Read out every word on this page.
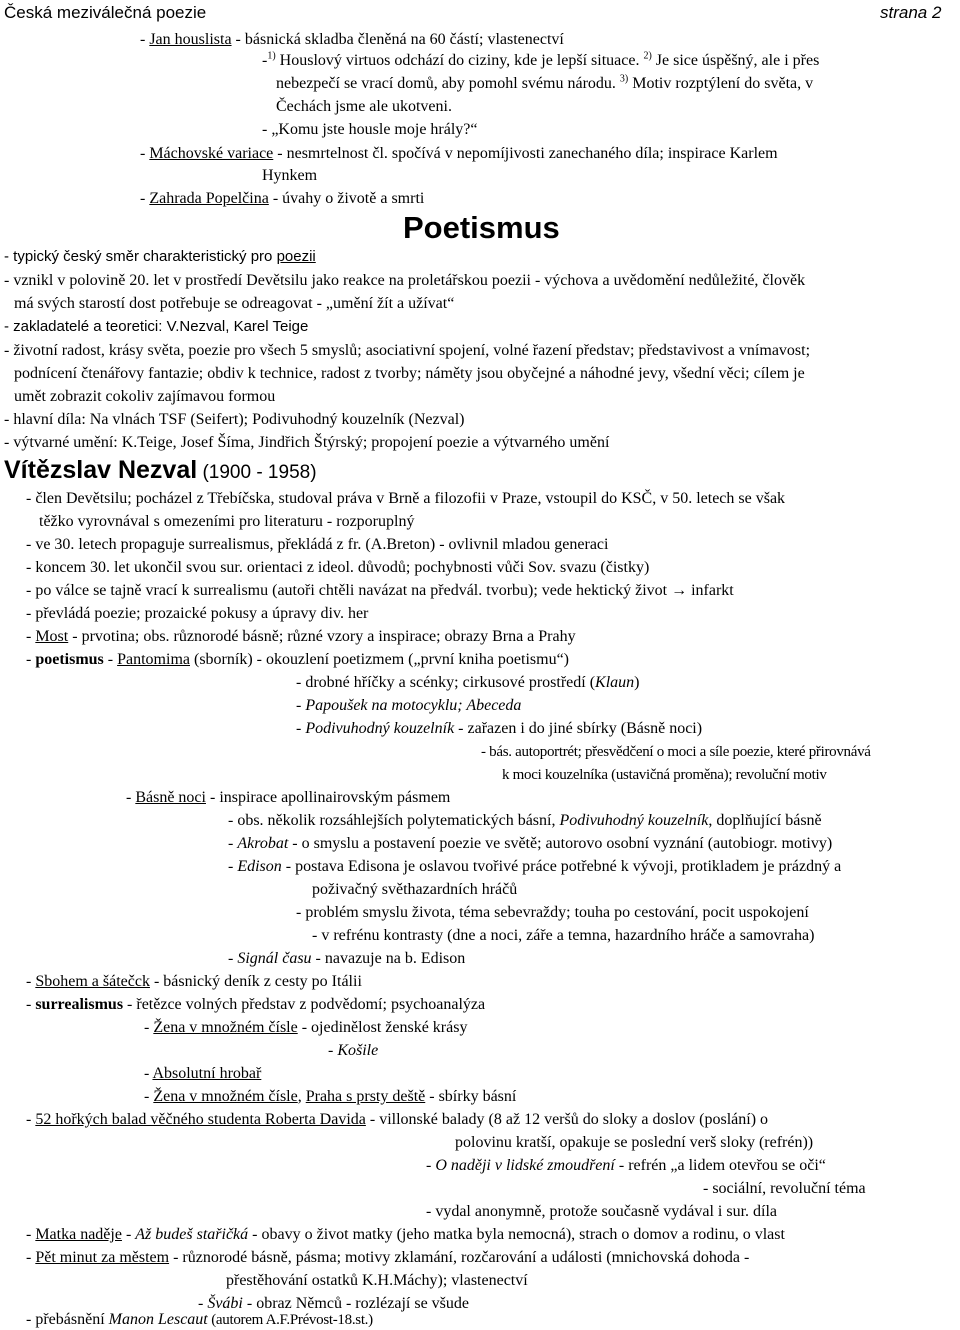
Česká meziválečná poezie	strana 2
- Jan houslista - básnická skladba členěná na 60 částí; vlastenectví
-$^{1)}$ Houslový virtuos odchází do ciziny, kde je lepší situace. $^{2)}$ Je sice úspěšný, ale i přes
nebezpečí se vrací domů, aby pomohl svému národu. $^{3)}$ Motiv rozptýlení do světa, v
Čechách jsme ale ukotveni.
- „Komu jste housle moje hrály?“
- Máchovské variace - nesmrtelnost čl. spočívá v nepomíjivosti zanechaného díla; inspirace Karlem
Hynkem
- Zahrada Popelčina - úvahy o životě a smrti
Poetismus
- typický český směr charakteristický pro poezii
- vznikl v polovině 20. let v prostředí Devětsilu jako reakce na proletářskou poezii - výchova a uvědomění nedůležité, člověk
má svých starostí dost potřebuje se odreagovat - „umění žít a užívat“
- zakladatelé a teoretici: V.Nezval, Karel Teige
- životní radost, krásy světa, poezie pro všech 5 smyslů; asociativní spojení, volné řazení představ; představivost a vnímavost;
podnícení čtenářovy fantazie; obdiv k technice, radost z tvorby; náměty jsou obyčejné a náhodné jevy, všední věci; cílem je
umět zobrazit cokoliv zajímavou formou
- hlavní díla: Na vlnách TSF (Seifert); Podivuhodný kouzelník (Nezval)
- výtvarné umění: K.Teige, Josef Šíma, Jindřich Štýrský; propojení poezie a výtvarného umění
Vítězslav Nezval (1900 - 1958)
- člen Devětsilu; pocházel z Třebíčska, studoval práva v Brně a filozofii v Praze, vstoupil do KSČ, v 50. letech se však
těžko vyrovnával s omezeními pro literaturu - rozporuplný
- ve 30. letech propaguje surrealismus, překládá z fr. (A.Breton) - ovlivnil mladou generaci
- koncem 30. let ukončil svou sur. orientaci z ideol. důvodů; pochybnosti vůči Sov. svazu (čistky)
- po válce se tajně vrací k surrealismu (autoři chtěli navázat na předvál. tvorbu); vede hektický život → infarkt
- převládá poezie; prozaické pokusy a úpravy div. her
- Most - prvotina; obs. různorodé básně; různé vzory a inspirace; obrazy Brna a Prahy
- poetismus - Pantomima (sborník) - okouzlení poetizmem („první kniha poetismu“)
- drobné hříčky a scénky; cirkusové prostředí (Klaun)
- Papoušek na motocyklu; Abeceda
- Podivuhodný kouzelník - zařazen i do jiné sbírky (Básně noci)
- bás. autoportrét; přesvědčení o moci a síle poezie, které přirovnává
k moci kouzelníka (ustavičná proměna); revoluční motiv
- Básně noci - inspirace apollinairovským pásmem
- obs. několik rozsáhlejších polytematických básní, Podivuhodný kouzelník, doplňující básně
- Akrobat - o smyslu a postavení poezie ve světě; autorovo osobní vyznání (autobiogr. motivy)
- Edison - postava Edisona je oslavou tvořivé práce potřebné k vývoji, protikladem je prázdný a
poživačný světhazardních hráčů
- problém smyslu života, téma sebevraždy; touha po cestování, pocit uspokojení
- v refrénu kontrasty (dne a noci, záře a temna, hazardního hráče a samovraha)
- Signál času - navazuje na b. Edison
- Sbohem a šátečck - básnický deník z cesty po Itálii
- surrealismus - řetězce volných představ z podvědomí; psychoanalýza
- Žena v množném čísle - ojedinělost ženské krásy
- Košile
- Absolutní hrobař
- Žena v množném čísle, Praha s prsty deště - sbírky básní
- 52 hořkých balad věčného studenta Roberta Davida - villonské balady (8 až 12 veršů do sloky a doslov (poslání) o
polovinu kratší, opakuje se poslední verš sloky (refrén))
- O naději v lidské zmoudření - refrén „a lidem otevřou se oči“
- sociální, revoluční téma
- vydal anonymně, protože současně vydával i sur. díla
- Matka naděje - Až budeš stařičká - obavy o život matky (jeho matka byla nemocná), strach o domov a rodinu, o vlast
- Pět minut za městem - různorodé básně, pásma; motivy zklamání, rozčarování a události (mnichovská dohoda -
přestěhování ostatků K.H.Máchy); vlastenectví
- Švábi - obraz Němců - rozlézají se všude
- přebásnění Manon Lescaut (autorem A.F.Prévost-18.st.)
